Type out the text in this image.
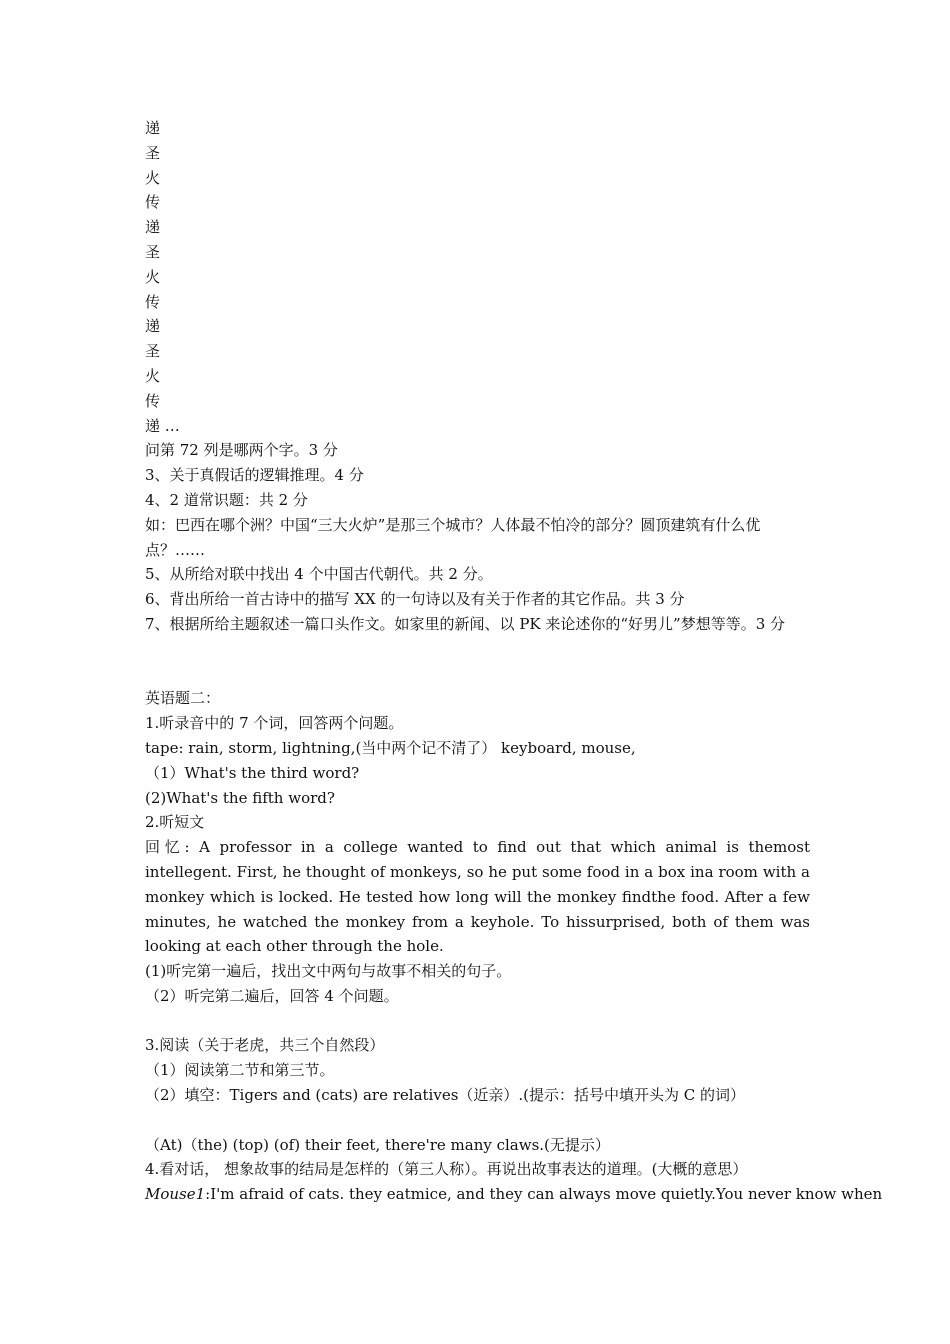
递

圣

火

传

递

圣

火

传

递

圣

火

传

递 …

问第 72 列是哪两个字。3 分

3、关于真假话的逻辑推理。4 分

4、2 道常识题：共 2 分

如：巴西在哪个洲？中国“三大火炉”是那三个城市？人体最不怕冷的部分？圆顶建筑有什么优点？……

5、从所给对联中找出 4 个中国古代朝代。共 2 分。

6、背出所给一首古诗中的描写 XX 的一句诗以及有关于作者的其它作品。共 3 分

7、根据所给主题叙述一篇口头作文。如家里的新闻、以 PK 来论述你的“好男儿”梦想等等。3 分

英语题二：

1.听录音中的 7 个词，回答两个问题。

tape: rain, storm, lightning,(当中两个记不清了） keyboard, mouse,

（1）What's the third word?

(2)What's the fifth word?

2.听短文

回忆: A professor in a college wanted to find out that which animal is themost intellegent. First, he thought of monkeys, so he put some food in a box ina room with a monkey which is locked. He tested how long will the monkey findthe food. After a few minutes, he watched the monkey from a keyhole. To hissurprised, both of them was looking at each other through the hole.

(1)听完第一遍后，找出文中两句与故事不相关的句子。

（2）听完第二遍后，回答 4 个问题。

3.阅读（关于老虎，共三个自然段）

（1）阅读第二节和第三节。

（2）填空：Tigers and (cats) are relatives（近亲）.(提示：括号中填开头为 C 的词）

（At)（the) (top) (of) their feet, there're many claws.(无提示）

4.看对话， 想象故事的结局是怎样的（第三人称）。再说出故事表达的道理。(大概的意思）

Mouse1:I'm afraid of cats. they eatmice, and they can always move quietly.You never know when
